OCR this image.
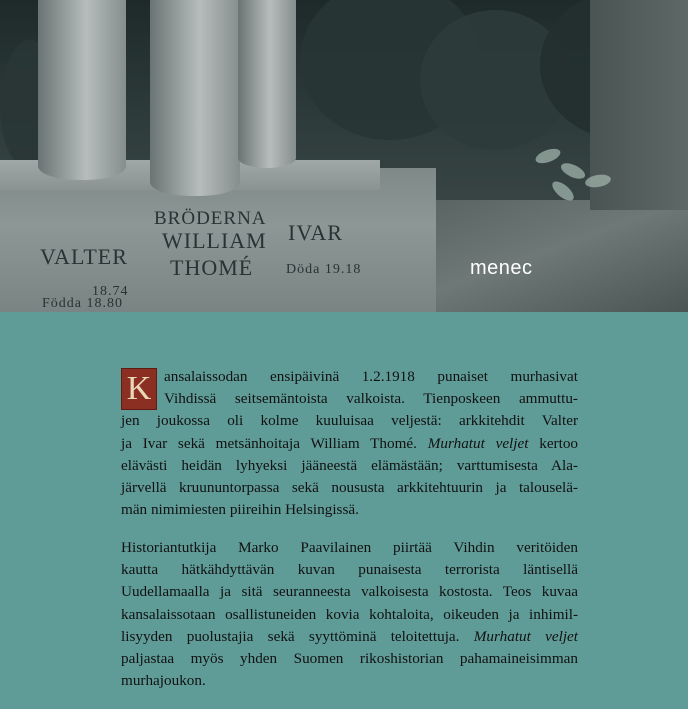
BRÖDERNA
VALTER
WILLIAM
THOMÉ
IVAR
18.74
Födda 18.80
Döda 19.18	menec
K ansalaissodan ensipäivinä 1.2.1918 punaiset murhasivat
Vihdissä seitsemäntoista valkoista. Tienposkeen ammuttu-
jen joukossa oli kolme kuuluisaa veljestä: arkkitehdit Valter
ja Ivar sekä metsänhoitaja William Thomé. Murhatut veljet kertoo
elävästi heidän lyhyeksi jääneestä elämästään; varttumisesta Ala-
järvellä kruununtorpassa sekä noususta arkkitehtuurin ja talouselä-
män nimimiesten piireihin Helsingissä.
Historiantutkija Marko Paavilainen piirtää Vihdin veritöiden
kautta hätkähdyttävän kuvan punaisesta terrorista läntisellä
Uudellamaalla ja sitä seuranneesta valkoisesta kostosta. Teos kuvaa
kansalaissotaan osallistuneiden kovia kohtaloita, oikeuden ja inhimil-
lisyyden puolustajia sekä syyttöminä teloitettuja. Murhatut veljet
paljastaa myös yhden Suomen rikoshistorian pahamaineisimman
murhajoukon.
